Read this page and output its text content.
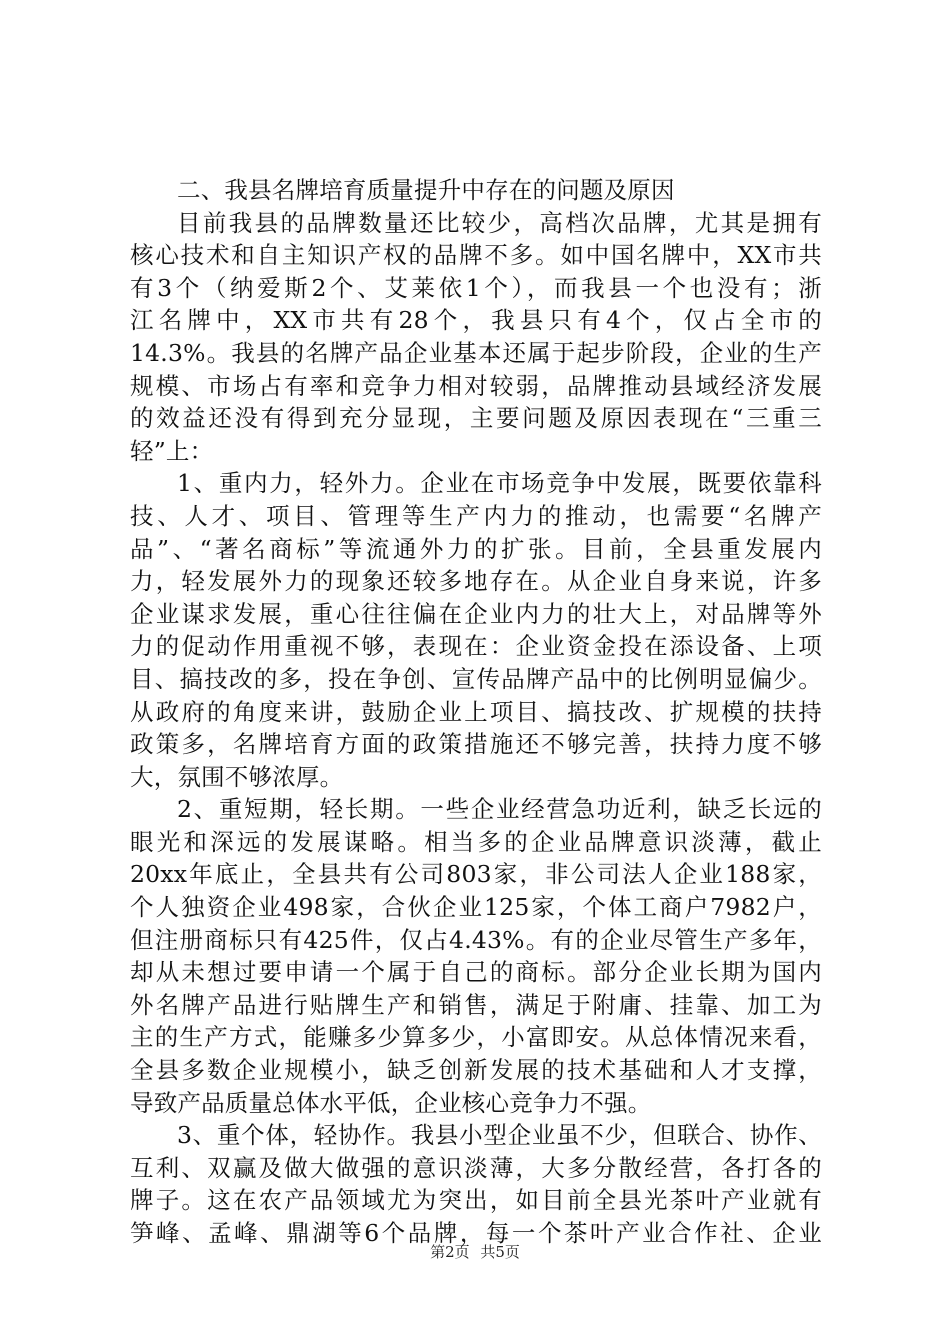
二、我县名牌培育质量提升中存在的问题及原因
目前我县的品牌数量还比较少，高档次品牌，尤其是拥有
核心技术和自主知识产权的品牌不多。如中国名牌中，XX市共
有3个（纳爱斯2个、艾莱依1个），而我县一个也没有；浙
江名牌中，XX市共有28个，我县只有4个，仅占全市的
14.3%。我县的名牌产品企业基本还属于起步阶段，企业的生产
规模、市场占有率和竞争力相对较弱，品牌推动县域经济发展
的效益还没有得到充分显现，主要问题及原因表现在“三重三
轻”上：
1、重内力，轻外力。企业在市场竞争中发展，既要依靠科
技、人才、项目、管理等生产内力的推动，也需要“名牌产
品”、“著名商标”等流通外力的扩张。目前，全县重发展内
力，轻发展外力的现象还较多地存在。从企业自身来说，许多
企业谋求发展，重心往往偏在企业内力的壮大上，对品牌等外
力的促动作用重视不够，表现在：企业资金投在添设备、上项
目、搞技改的多，投在争创、宣传品牌产品中的比例明显偏少。
从政府的角度来讲，鼓励企业上项目、搞技改、扩规模的扶持
政策多，名牌培育方面的政策措施还不够完善，扶持力度不够
大，氛围不够浓厚。
2、重短期，轻长期。一些企业经营急功近利，缺乏长远的
眼光和深远的发展谋略。相当多的企业品牌意识淡薄，截止
20xx年底止，全县共有公司803家，非公司法人企业188家，
个人独资企业498家，合伙企业125家，个体工商户7982户，
但注册商标只有425件，仅占4.43%。有的企业尽管生产多年，
却从未想过要申请一个属于自己的商标。部分企业长期为国内
外名牌产品进行贴牌生产和销售，满足于附庸、挂靠、加工为
主的生产方式，能赚多少算多少，小富即安。从总体情况来看，
全县多数企业规模小，缺乏创新发展的技术基础和人才支撑，
导致产品质量总体水平低，企业核心竞争力不强。
3、重个体，轻协作。我县小型企业虽不少，但联合、协作、
互利、双赢及做大做强的意识淡薄，大多分散经营，各打各的
牌子。这在农产品领域尤为突出，如目前全县光茶叶产业就有
笋峰、孟峰、鼎湖等6个品牌，每一个茶叶产业合作社、企业
第2页 共5页
